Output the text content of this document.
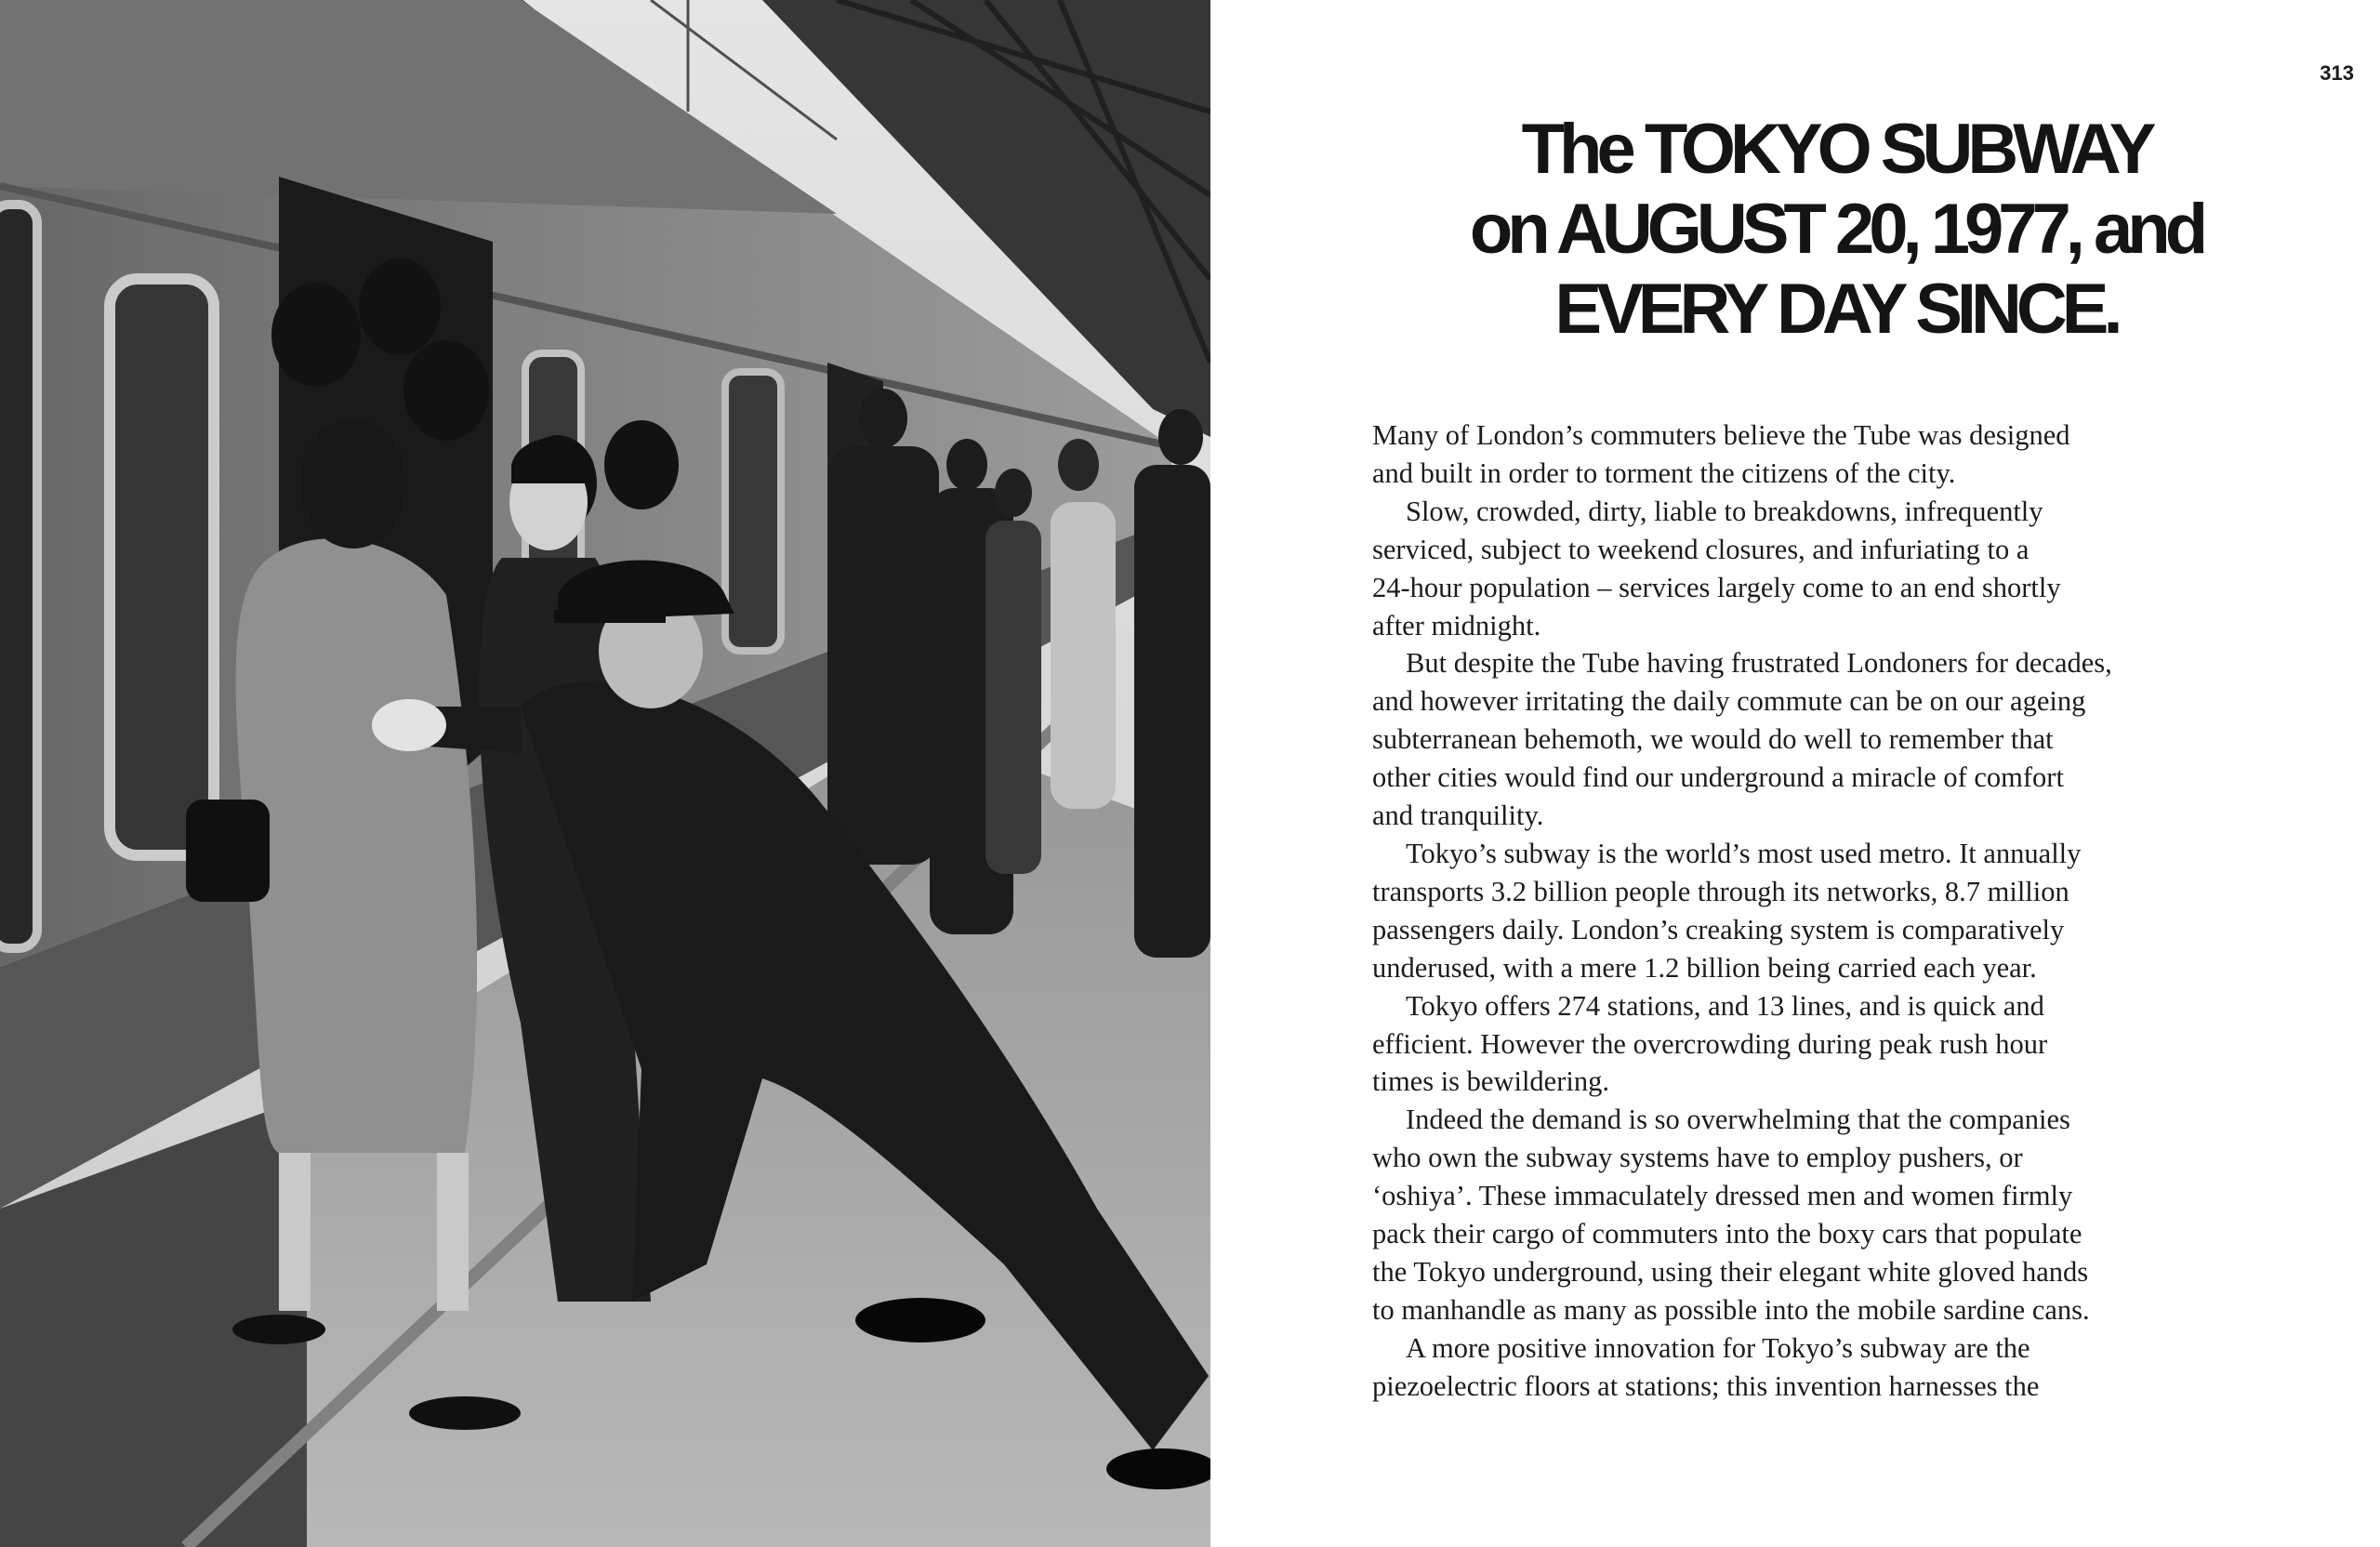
313
The TOKYO SUBWAY
on AUGUST 20, 1977, and
EVERY DAY SINCE.

Many of London’s commuters believe the Tube was designed

and built in order to torment the citizens of the city.

Slow, crowded, dirty, liable to breakdowns, infrequently

serviced, subject to weekend closures, and infuriating to a

24-hour population – services largely come to an end shortly

after midnight.

But despite the Tube having frustrated Londoners for decades,

and however irritating the daily commute can be on our ageing

subterranean behemoth, we would do well to remember that

other cities would find our underground a miracle of comfort

and tranquility.

Tokyo’s subway is the world’s most used metro. It annually

transports 3.2 billion people through its networks, 8.7 million

passengers daily. London’s creaking system is comparatively

underused, with a mere 1.2 billion being carried each year.

Tokyo offers 274 stations, and 13 lines, and is quick and

efficient. However the overcrowding during peak rush hour

times is bewildering.

Indeed the demand is so overwhelming that the companies

who own the subway systems have to employ pushers, or

‘oshiya’. These immaculately dressed men and women firmly

pack their cargo of commuters into the boxy cars that populate

the Tokyo underground, using their elegant white gloved hands

to manhandle as many as possible into the mobile sardine cans.

A more positive innovation for Tokyo’s subway are the

piezoelectric floors at stations; this invention harnesses the
